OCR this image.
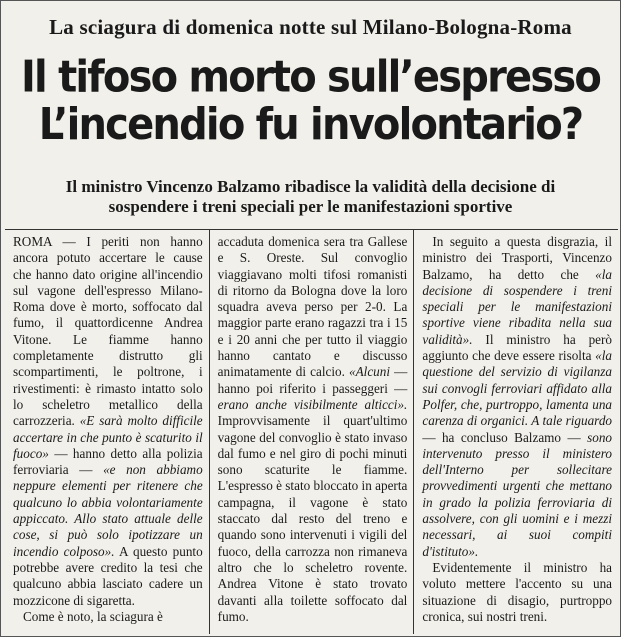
La sciagura di domenica notte sul Milano-Bologna-Roma
Il tifoso morto sull’espresso
L’incendio fu involontario?
Il ministro Vincenzo Balzamo ribadisce la validità della decisione di sospendere i treni speciali per le manifestazioni sportive

ROMA — I periti non hanno ancora potuto accertare le cause che hanno dato origine all'incendio sul vagone dell'espresso Milano-Roma dove è morto, soffocato dal fumo, il quattordicenne Andrea Vitone. Le fiamme hanno completamente distrutto gli scompartimenti, le poltrone, i rivestimenti: è rimasto intatto solo lo scheletro metallico della carrozzeria. «E sarà molto difficile accertare in che punto è scaturito il fuoco» — hanno detto alla polizia ferroviaria — «e non abbiamo neppure elementi per ritenere che qualcuno lo abbia volontariamente appiccato. Allo stato attuale delle cose, si può solo ipotizzare un incendio colposo». A questo punto potrebbe avere credito la tesi che qualcuno abbia lasciato cadere un mozzicone di sigaretta.

Come è noto, la sciagura è

accaduta domenica sera tra Gallese e S. Oreste. Sul convoglio viaggiavano molti tifosi romanisti di ritorno da Bologna dove la loro squadra aveva perso per 2-0. La maggior parte erano ragazzi tra i 15 e i 20 anni che per tutto il viaggio hanno cantato e discusso animatamente di calcio. «Alcuni — hanno poi riferito i passeggeri — erano anche visibilmente alticci». Improvvisamente il quart'ultimo vagone del convoglio è stato invaso dal fumo e nel giro di pochi minuti sono scaturite le fiamme. L'espresso è stato bloccato in aperta campagna, il vagone è stato staccato dal resto del treno e quando sono intervenuti i vigili del fuoco, della carrozza non rimaneva altro che lo scheletro rovente. Andrea Vitone è stato trovato davanti alla toilette soffocato dal fumo.

In seguito a questa disgrazia, il ministro dei Trasporti, Vincenzo Balzamo, ha detto che «la decisione di sospendere i treni speciali per le manifestazioni sportive viene ribadita nella sua validità». Il ministro ha però aggiunto che deve essere risolta «la questione del servizio di vigilanza sui convogli ferroviari affidato alla Polfer, che, purtroppo, lamenta una carenza di organici. A tale riguardo — ha concluso Balzamo — sono intervenuto presso il ministero dell'Interno per sollecitare provvedimenti urgenti che mettano in grado la polizia ferroviaria di assolvere, con gli uomini e i mezzi necessari, ai suoi compiti d'istituto».

Evidentemente il ministro ha voluto mettere l'accento su una situazione di disagio, purtroppo cronica, sui nostri treni.
